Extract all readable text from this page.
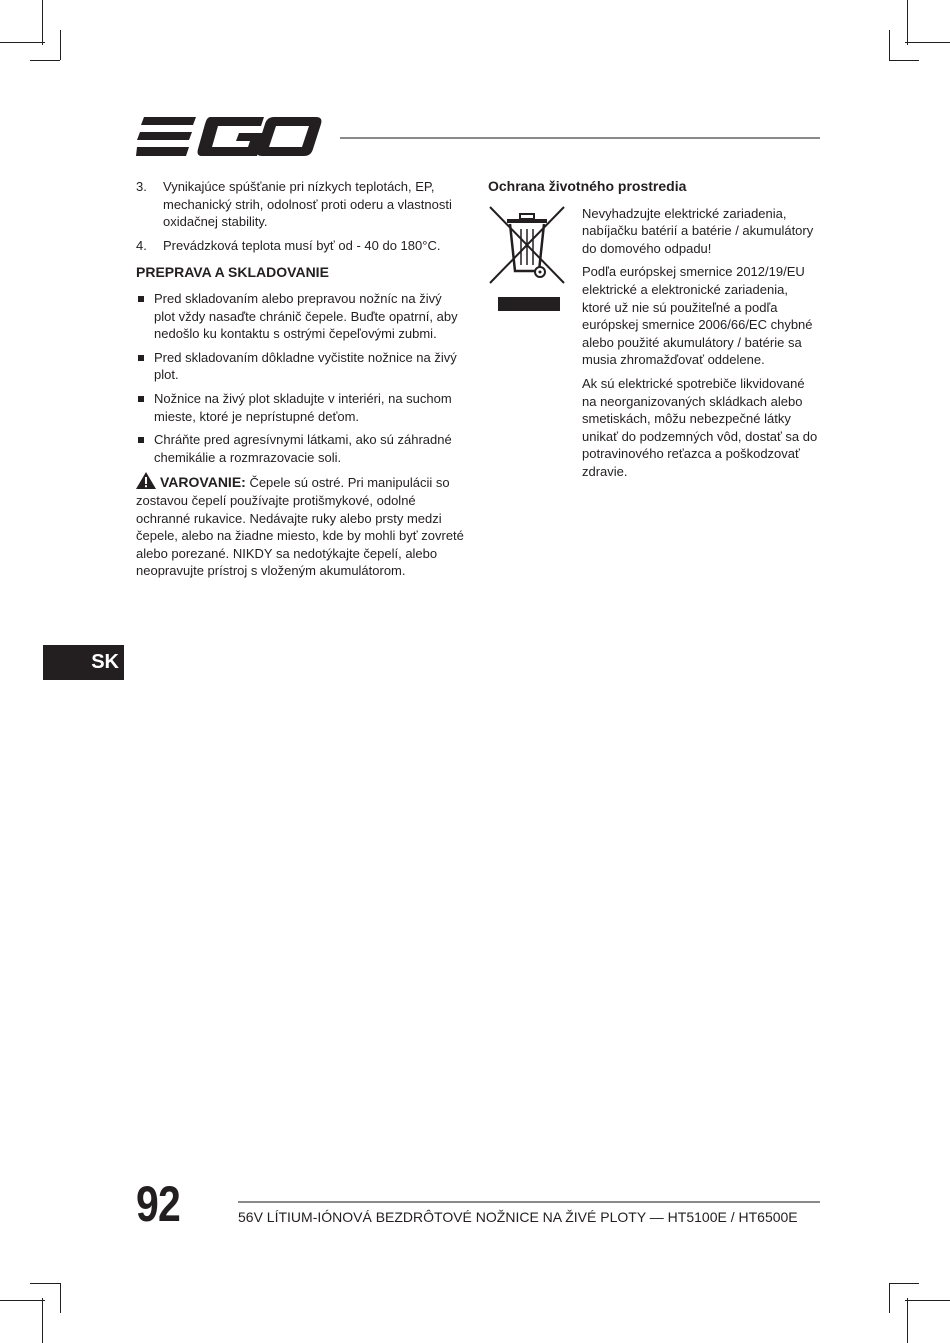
3.	Vynikajúce spúšťanie pri nízkych teplotách, EP, mechanický strih, odolnosť proti oderu a vlastnosti oxidačnej stability.
4.	Prevádzková teplota musí byť od - 40 do 180°C.
PREPRAVA A SKLADOVANIE
Pred skladovaním alebo prepravou nožníc na živý plot vždy nasaďte chránič čepele. Buďte opatrní, aby nedošlo ku kontaktu s ostrými čepeľovými zubmi.
Pred skladovaním dôkladne vyčistite nožnice na živý plot.
Nožnice na živý plot skladujte v interiéri, na suchom mieste, ktoré je neprístupné deťom.
Chráňte pred agresívnymi látkami, ako sú záhradné chemikálie a rozmrazovacie soli.
VAROVANIE: Čepele sú ostré. Pri manipulácii so zostavou čepelí používajte protišmykové, odolné ochranné rukavice. Nedávajte ruky alebo prsty medzi čepele, alebo na žiadne miesto, kde by mohli byť zovreté alebo porezané. NIKDY sa nedotýkajte čepelí, alebo neopravujte prístroj s vloženým akumulátorom.
Ochrana životného prostredia

Nevyhadzujte elektrické zariadenia, nabíjačku batérií a batérie / akumulátory do domového odpadu!

Podľa európskej smernice 2012/19/EU elektrické a elektronické zariadenia, ktoré už nie sú použiteľné a podľa európskej smernice 2006/66/EC chybné alebo použité akumulátory / batérie sa musia zhromažďovať oddelene.

Ak sú elektrické spotrebiče likvidované na neorganizovaných skládkach alebo smetiskách, môžu nebezpečné látky unikať do podzemných vôd, dostať sa do potravinového reťazca a poškodzovať zdravie.

SK
92	56V LÍTIUM-IÓNOVÁ BEZDRÔTOVÉ NOŽNICE NA ŽIVÉ PLOTY — HT5100E / HT6500E
